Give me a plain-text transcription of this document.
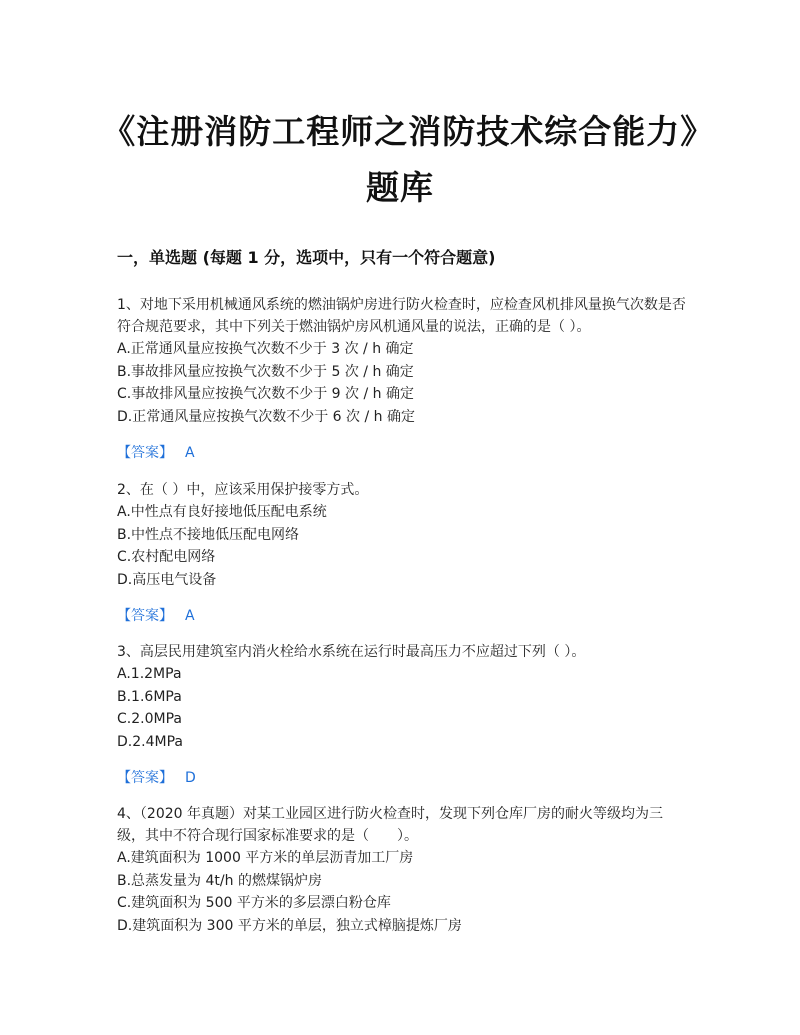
《注册消防工程师之消防技术综合能力》题库
一，单选题 (每题 1 分，选项中，只有一个符合题意)

1、对地下采用机械通风系统的燃油锅炉房进行防火检查时，应检查风机排风量换气次数是否符合规范要求，其中下列关于燃油锅炉房风机通风量的说法，正确的是（ ）。

A.正常通风量应按换气次数不少于 3 次 / h 确定

B.事故排风量应按换气次数不少于 5 次 / h 确定

C.事故排风量应按换气次数不少于 9 次 / h 确定

D.正常通风量应按换气次数不少于 6 次 / h 确定

【答案】 A

2、在（ ）中，应该采用保护接零方式。

A.中性点有良好接地低压配电系统

B.中性点不接地低压配电网络

C.农村配电网络

D.高压电气设备

【答案】 A

3、高层民用建筑室内消火栓给水系统在运行时最高压力不应超过下列（ ）。

A.1.2MPa

B.1.6MPa

C.2.0MPa

D.2.4MPa

【答案】 D

4、（2020 年真题）对某工业园区进行防火检查时，发现下列仓库厂房的耐火等级均为三级，其中不符合现行国家标准要求的是（　　）。

A.建筑面积为 1000 平方米的单层沥青加工厂房

B.总蒸发量为 4t/h 的燃煤锅炉房

C.建筑面积为 500 平方米的多层漂白粉仓库

D.建筑面积为 300 平方米的单层，独立式樟脑提炼厂房
